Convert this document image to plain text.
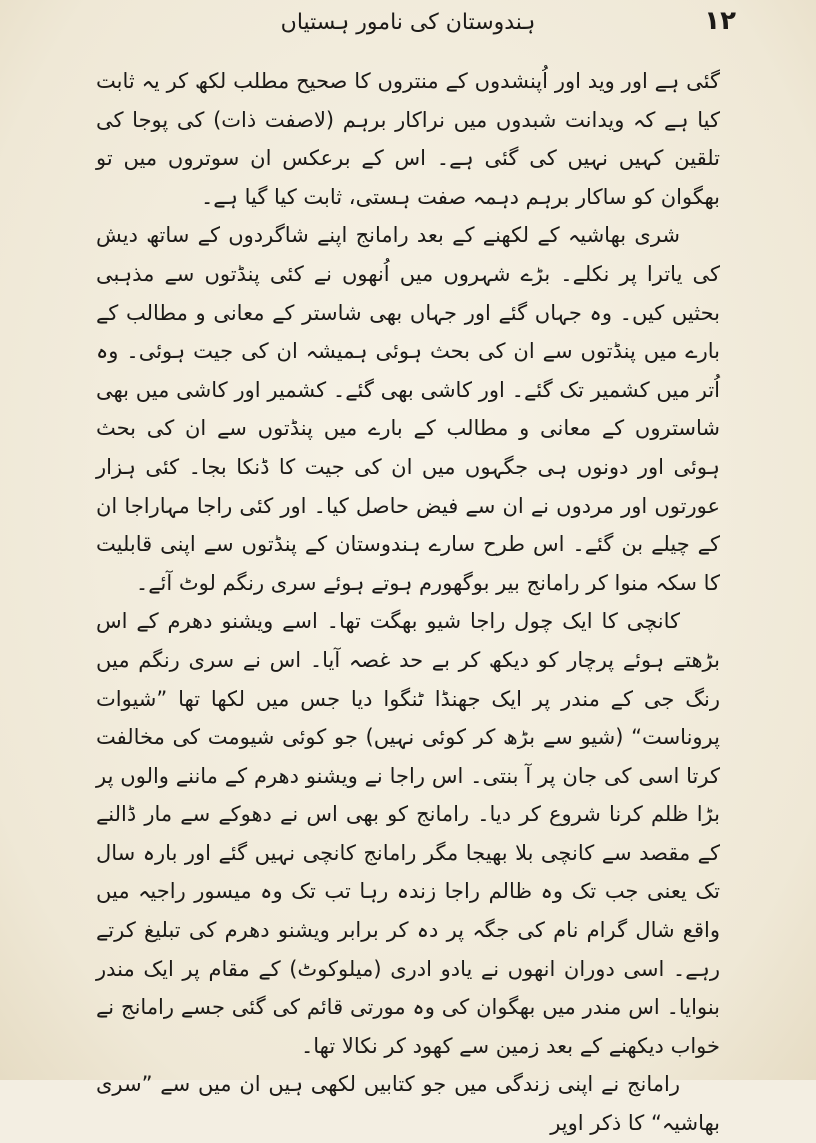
١٢
ہندوستان کی نامور ہستیاں

گئی ہے اور وید اور اُپنشدوں کے منتروں کا صحیح مطلب لکھ کر یہ ثابت کیا ہے کہ ویدانت شبدوں میں نراکار برہم (لاصفت ذات) کی پوجا کی تلقین کہیں نہیں کی گئی ہے۔ اس کے برعکس ان سوتروں میں تو بھگوان کو ساکار برہم دہمہ صفت ہستی، ثابت کیا گیا ہے۔

شری بھاشیہ کے لکھنے کے بعد رامانج اپنے شاگردوں کے ساتھ دیش کی یاترا پر نکلے۔ بڑے شہروں میں اُنھوں نے کئی پنڈتوں سے مذہبی بحثیں کیں۔ وہ جہاں گئے اور جہاں بھی شاستر کے معانی و مطالب کے بارے میں پنڈتوں سے ان کی بحث ہوئی ہمیشہ ان کی جیت ہوئی۔ وہ اُتر میں کشمیر تک گئے۔ اور کاشی بھی گئے۔ کشمیر اور کاشی میں بھی شاستروں کے معانی و مطالب کے بارے میں پنڈتوں سے ان کی بحث ہوئی اور دونوں ہی جگہوں میں ان کی جیت کا ڈنکا بجا۔ کئی ہزار عورتوں اور مردوں نے ان سے فیض حاصل کیا۔ اور کئی راجا مہاراجا ان کے چیلے بن گئے۔ اس طرح سارے ہندوستان کے پنڈتوں سے اپنی قابلیت کا سکہ منوا کر رامانج بیر بوگھورم ہوتے ہوئے سری رنگم لوٹ آئے۔

کانچی کا ایک چول راجا شیو بھگت تھا۔ اسے ویشنو دھرم کے اس بڑھتے ہوئے پرچار کو دیکھ کر بے حد غصہ آیا۔ اس نے سری رنگم میں رنگ جی کے مندر پر ایک جھنڈا ٹنگوا دیا جس میں لکھا تھا ”شیوات پروناست“ (شیو سے بڑھ کر کوئی نہیں) جو کوئی شیومت کی مخالفت کرتا اسی کی جان پر آ بنتی۔ اس راجا نے ویشنو دھرم کے ماننے والوں پر بڑا ظلم کرنا شروع کر دیا۔ رامانج کو بھی اس نے دھوکے سے مار ڈالنے کے مقصد سے کانچی بلا بھیجا مگر رامانج کانچی نہیں گئے اور بارہ سال تک یعنی جب تک وہ ظالم راجا زندہ رہا تب تک وہ میسور راجیہ میں واقع شال گرام نام کی جگہ پر دہ کر برابر ویشنو دھرم کی تبلیغ کرتے رہے۔ اسی دوران انھوں نے یادو ادری (میلوکوٹ) کے مقام پر ایک مندر بنوایا۔ اس مندر میں بھگوان کی وہ مورتی قائم کی گئی جسے رامانج نے خواب دیکھنے کے بعد زمین سے کھود کر نکالا تھا۔

رامانج نے اپنی زندگی میں جو کتابیں لکھی ہیں ان میں سے ”سری بھاشیہ“ کا ذکر اوپر
